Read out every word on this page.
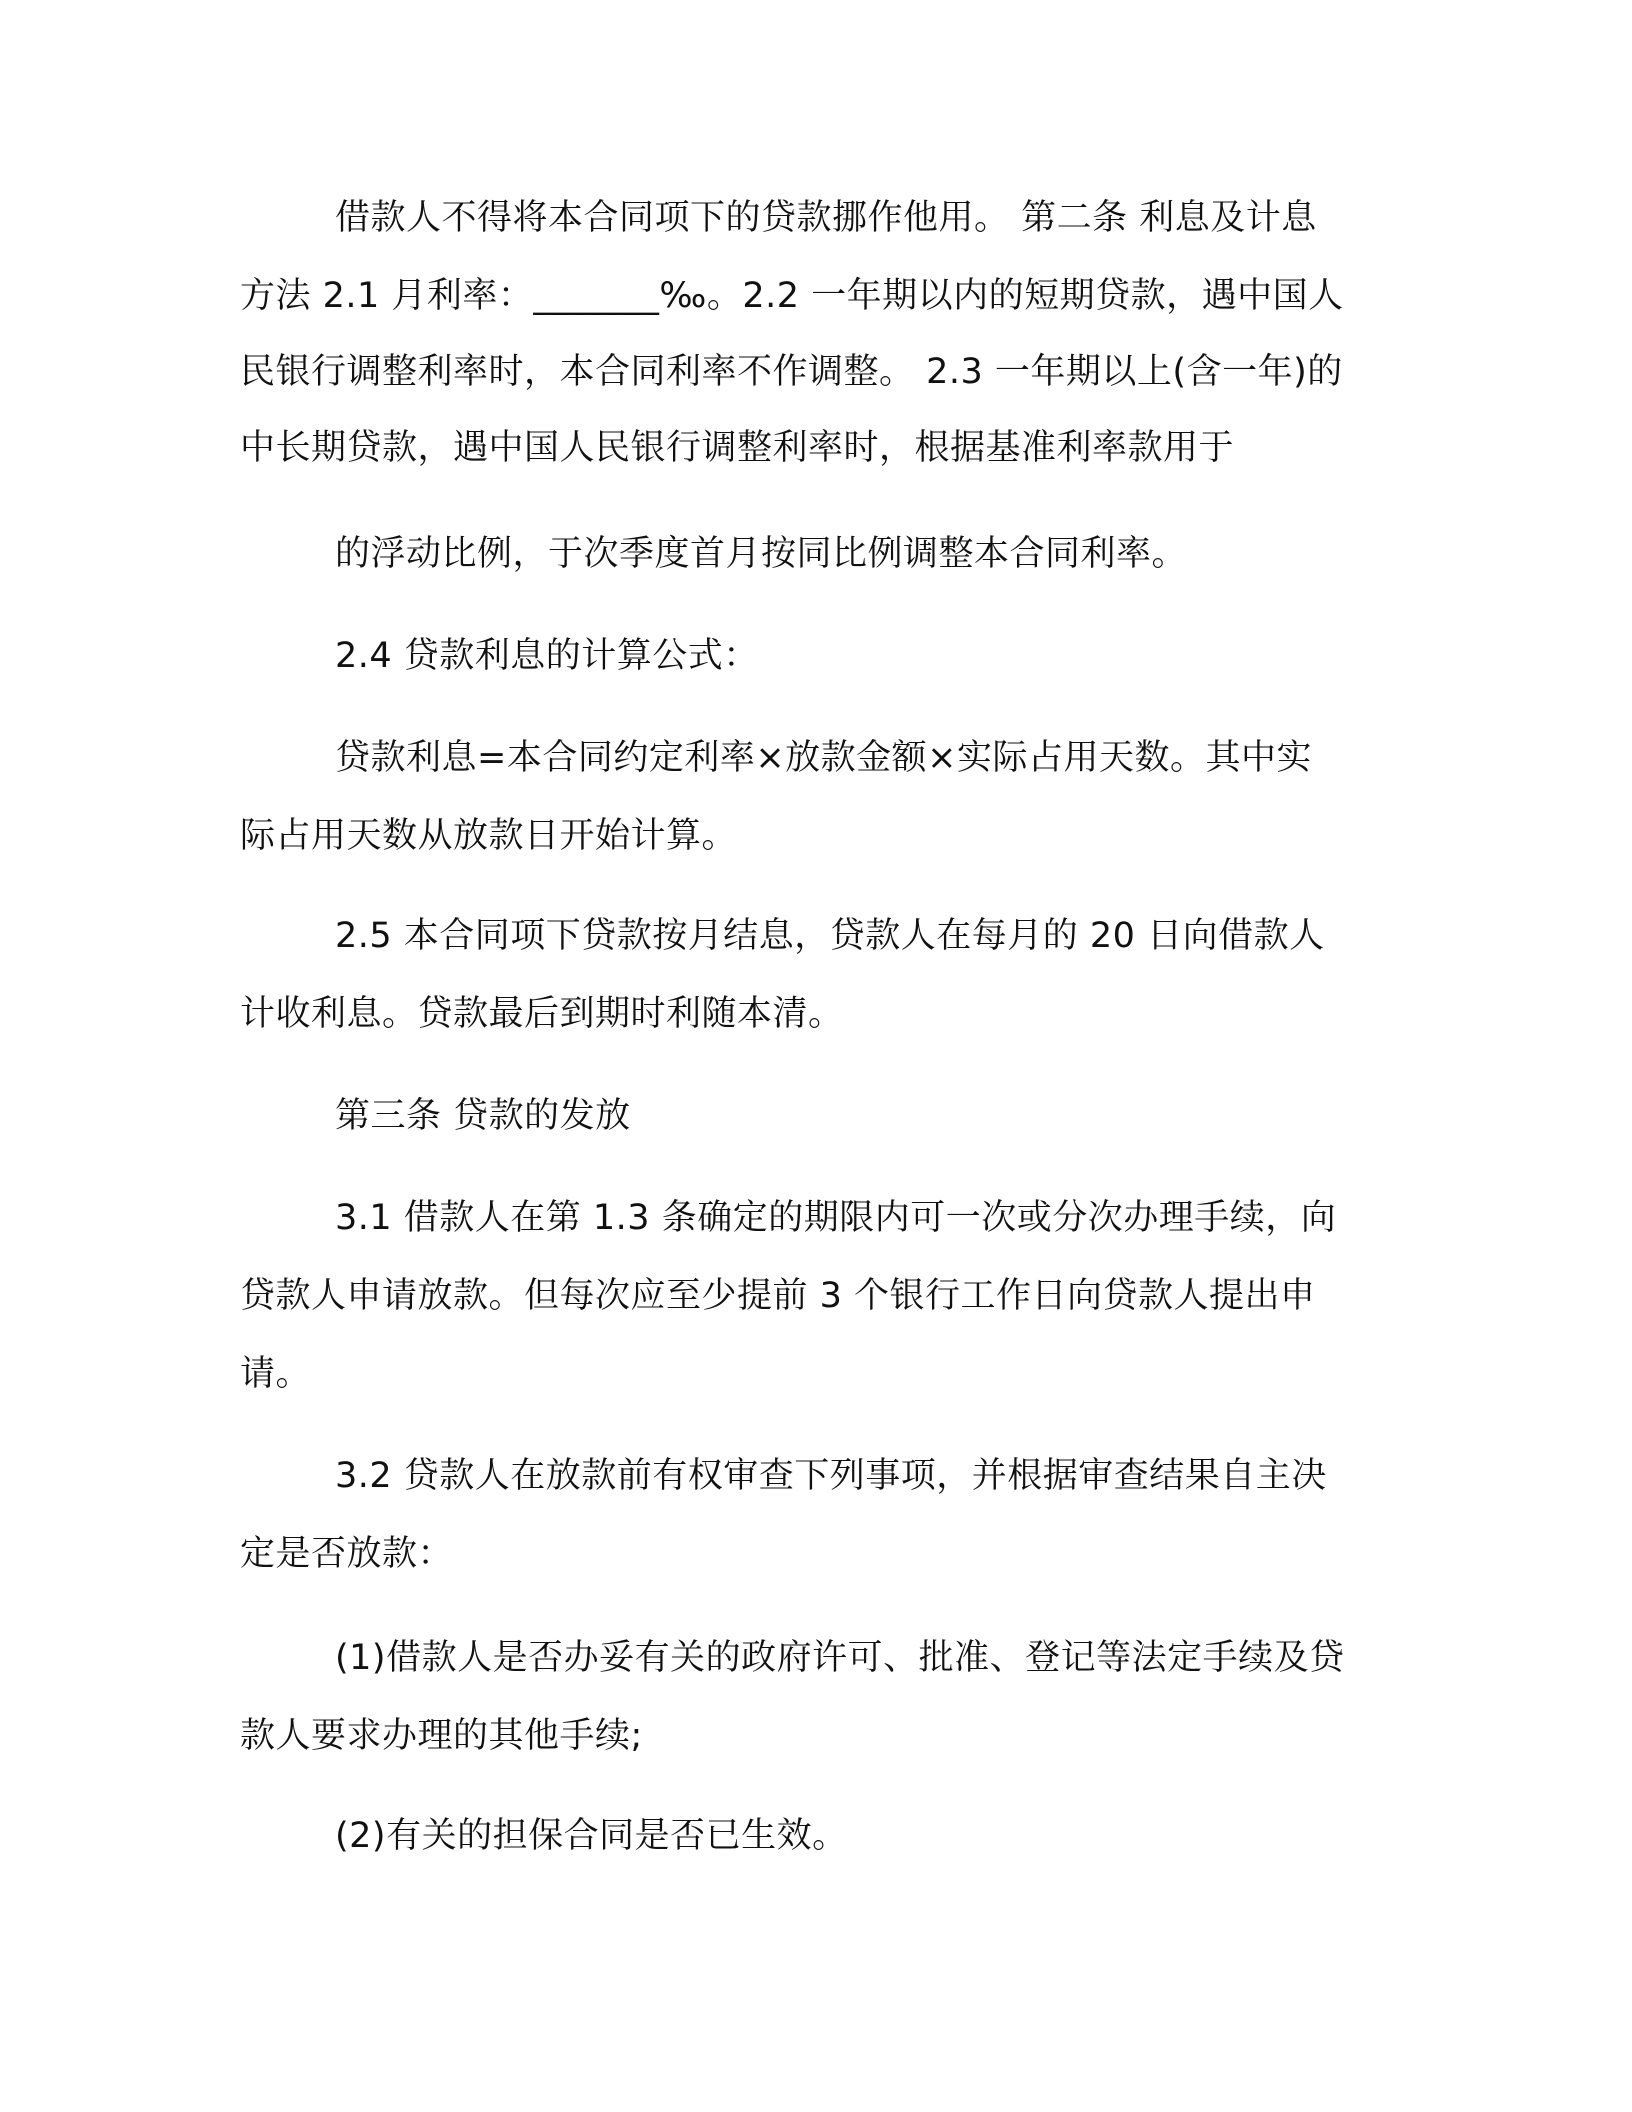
借款人不得将本合同项下的贷款挪作他用。 第二条 利息及计息
方法 2.1 月利率：_______‰。2.2 一年期以内的短期贷款，遇中国人
民银行调整利率时，本合同利率不作调整。 2.3 一年期以上(含一年)的
中长期贷款，遇中国人民银行调整利率时，根据基准利率款用于
的浮动比例，于次季度首月按同比例调整本合同利率。
2.4 贷款利息的计算公式：
贷款利息=本合同约定利率×放款金额×实际占用天数。其中实
际占用天数从放款日开始计算。
2.5 本合同项下贷款按月结息，贷款人在每月的 20 日向借款人
计收利息。贷款最后到期时利随本清。
第三条 贷款的发放
3.1 借款人在第 1.3 条确定的期限内可一次或分次办理手续，向
贷款人申请放款。但每次应至少提前 3 个银行工作日向贷款人提出申
请。
3.2 贷款人在放款前有权审查下列事项，并根据审查结果自主决
定是否放款：
(1)借款人是否办妥有关的政府许可、批准、登记等法定手续及贷
款人要求办理的其他手续;
(2)有关的担保合同是否已生效。
